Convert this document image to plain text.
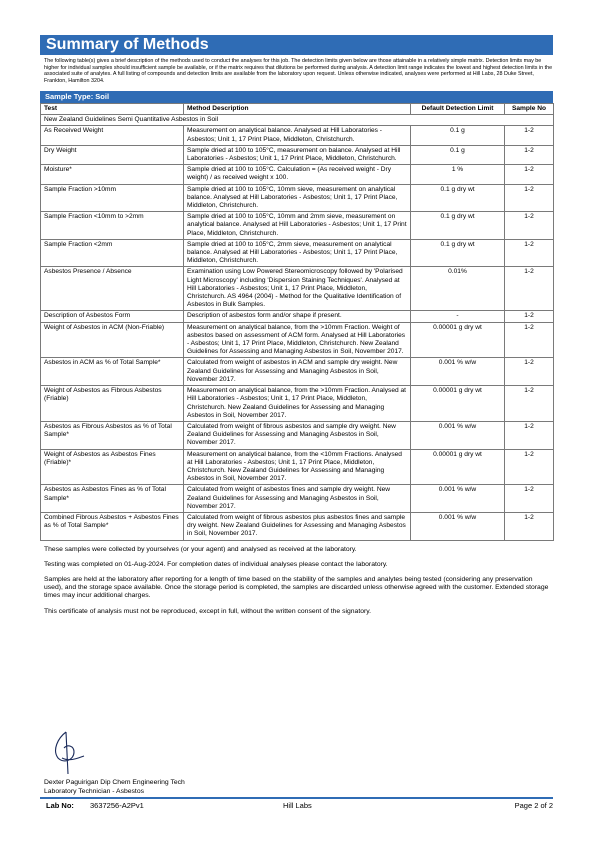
Summary of Methods
The following table(s) gives a brief description of the methods used to conduct the analyses for this job. The detection limits given below are those attainable in a relatively simple matrix. Detection limits may be higher for individual samples should insufficient sample be available, or if the matrix requires that dilutions be performed during analysis. A detection limit range indicates the lowest and highest detection limits in the associated suite of analytes. A full listing of compounds and detection limits are available from the laboratory upon request. Unless otherwise indicated, analyses were performed at Hill Labs, 28 Duke Street, Frankton, Hamilton 3204.
Sample Type: Soil
Test	Method Description	Default Detection Limit	Sample No
New Zealand Guidelines Semi Quantitative Asbestos in Soil			
As Received Weight	Measurement on analytical balance. Analysed at Hill Laboratories - Asbestos; Unit 1, 17 Print Place, Middleton, Christchurch.	0.1 g	1-2
Dry Weight	Sample dried at 100 to 105°C, measurement on balance. Analysed at Hill Laboratories - Asbestos; Unit 1, 17 Print Place, Middleton, Christchurch.	0.1 g	1-2
Moisture*	Sample dried at 100 to 105°C. Calculation = (As received weight - Dry weight) / as received weight x 100.	1 %	1-2
Sample Fraction >10mm	Sample dried at 100 to 105°C, 10mm sieve, measurement on analytical balance. Analysed at Hill Laboratories - Asbestos; Unit 1, 17 Print Place, Middleton, Christchurch.	0.1 g dry wt	1-2
Sample Fraction <10mm to >2mm	Sample dried at 100 to 105°C, 10mm and 2mm sieve, measurement on analytical balance. Analysed at Hill Laboratories - Asbestos; Unit 1, 17 Print Place, Middleton, Christchurch.	0.1 g dry wt	1-2
Sample Fraction <2mm	Sample dried at 100 to 105°C, 2mm sieve, measurement on analytical balance. Analysed at Hill Laboratories - Asbestos; Unit 1, 17 Print Place, Middleton, Christchurch.	0.1 g dry wt	1-2
Asbestos Presence / Absence	Examination using Low Powered Stereomicroscopy followed by 'Polarised Light Microscopy' including 'Dispersion Staining Techniques'. Analysed at Hill Laboratories - Asbestos; Unit 1, 17 Print Place, Middleton, Christchurch. AS 4964 (2004) - Method for the Qualitative Identification of Asbestos in Bulk Samples.	0.01%	1-2
Description of Asbestos Form	Description of asbestos form and/or shape if present.	-	1-2
Weight of Asbestos in ACM (Non-Friable)	Measurement on analytical balance, from the >10mm Fraction. Weight of asbestos based on assessment of ACM form. Analysed at Hill Laboratories - Asbestos; Unit 1, 17 Print Place, Middleton, Christchurch. New Zealand Guidelines for Assessing and Managing Asbestos in Soil, November 2017.	0.00001 g dry wt	1-2
Asbestos in ACM as % of Total Sample*	Calculated from weight of asbestos in ACM and sample dry weight. New Zealand Guidelines for Assessing and Managing Asbestos in Soil, November 2017.	0.001 % w/w	1-2
Weight of Asbestos as Fibrous Asbestos (Friable)	Measurement on analytical balance, from the >10mm Fraction. Analysed at Hill Laboratories - Asbestos; Unit 1, 17 Print Place, Middleton, Christchurch. New Zealand Guidelines for Assessing and Managing Asbestos in Soil, November 2017.	0.00001 g dry wt	1-2
Asbestos as Fibrous Asbestos as % of Total Sample*	Calculated from weight of fibrous asbestos and sample dry weight. New Zealand Guidelines for Assessing and Managing Asbestos in Soil, November 2017.	0.001 % w/w	1-2
Weight of Asbestos as Asbestos Fines (Friable)*	Measurement on analytical balance, from the <10mm Fractions. Analysed at Hill Laboratories - Asbestos; Unit 1, 17 Print Place, Middleton, Christchurch. New Zealand Guidelines for Assessing and Managing Asbestos in Soil, November 2017.	0.00001 g dry wt	1-2
Asbestos as Asbestos Fines as % of Total Sample*	Calculated from weight of asbestos fines and sample dry weight. New Zealand Guidelines for Assessing and Managing Asbestos in Soil, November 2017.	0.001 % w/w	1-2
Combined Fibrous Asbestos + Asbestos Fines as % of Total Sample*	Calculated from weight of fibrous asbestos plus asbestos fines and sample dry weight. New Zealand Guidelines for Assessing and Managing Asbestos in Soil, November 2017.	0.001 % w/w	1-2
These samples were collected by yourselves (or your agent) and analysed as received at the laboratory.
Testing was completed on 01-Aug-2024. For completion dates of individual analyses please contact the laboratory.
Samples are held at the laboratory after reporting for a length of time based on the stability of the samples and analytes being tested (considering any preservation used), and the storage space available. Once the storage period is completed, the samples are discarded unless otherwise agreed with the customer. Extended storage times may incur additional charges.
This certificate of analysis must not be reproduced, except in full, without the written consent of the signatory.
Dexter Paguirigan Dip Chem Engineering Tech
Laboratory Technician - Asbestos
Lab No: 3637256-A2Pv1	Hill Labs	Page 2 of 2
